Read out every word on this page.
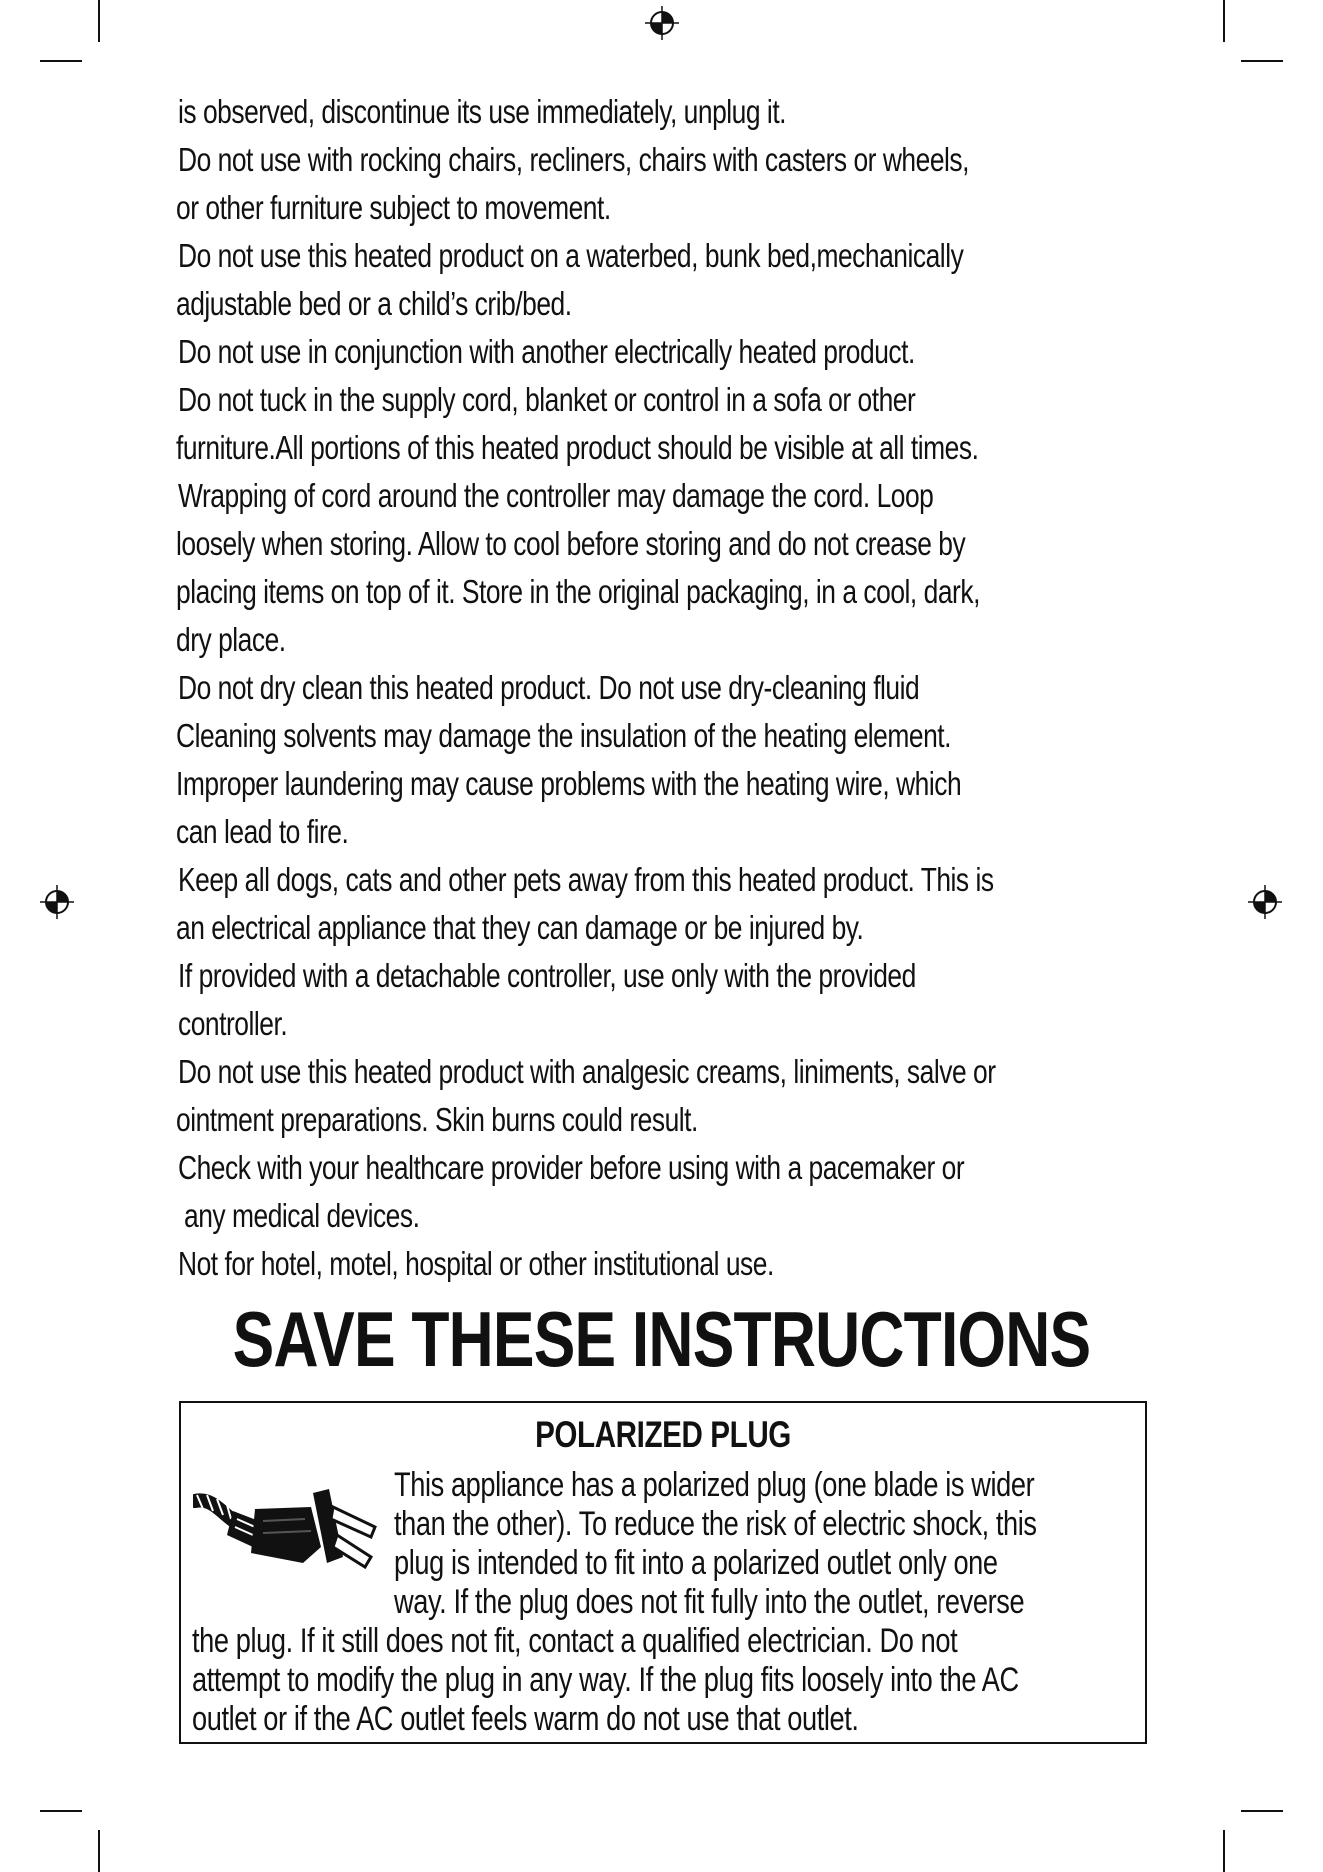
is observed, discontinue its use immediately, unplug it.
Do not use with rocking chairs, recliners, chairs with casters or wheels,
or other furniture subject to movement.
Do not use this heated product on a waterbed, bunk bed,mechanically
adjustable bed or a child’s crib/bed.
Do not use in conjunction with another electrically heated product.
Do not tuck in the supply cord, blanket or control in a sofa or other
furniture.All portions of this heated product should be visible at all times.
Wrapping of cord around the controller may damage the cord. Loop
loosely when storing. Allow to cool before storing and do not crease by
placing items on top of it. Store in the original packaging, in a cool, dark,
dry place.
Do not dry clean this heated product. Do not use dry-cleaning fluid
Cleaning solvents may damage the insulation of the heating element.
Improper laundering may cause problems with the heating wire, which
can lead to fire.
Keep all dogs, cats and other pets away from this heated product. This is
an electrical appliance that they can damage or be injured by.
If provided with a detachable controller, use only with the provided
controller.
Do not use this heated product with analgesic creams, liniments, salve or
ointment preparations. Skin burns could result.
Check with your healthcare provider before using with a pacemaker or
any medical devices.
Not for hotel, motel, hospital or other institutional use.
SAVE THESE INSTRUCTIONS
POLARIZED PLUG
This appliance has a polarized plug (one blade is wider
than the other). To reduce the risk of electric shock, this
plug is intended to fit into a polarized outlet only one
way. If the plug does not fit fully into the outlet, reverse
the plug. If it still does not fit, contact a qualified electrician. Do not
attempt to modify the plug in any way. If the plug fits loosely into the AC
outlet or if the AC outlet feels warm do not use that outlet.
